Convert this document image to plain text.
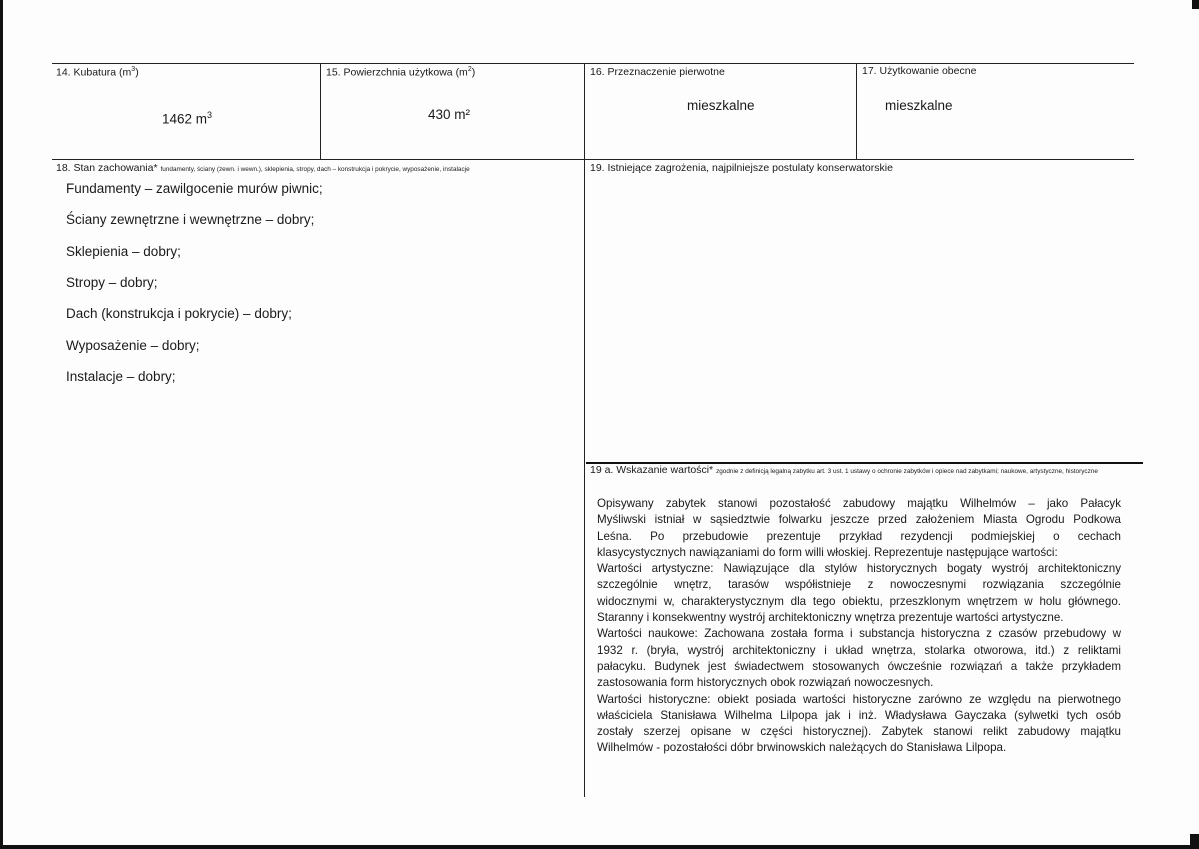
14. Kubatura $(m^3)$
1462 $m^3$
15. Powierzchnia użytkowa $(m^2)$
430 m²
16. Przeznaczenie pierwotne
mieszkalne
17. Użytkowanie obecne
mieszkalne
18. Stan zachowania* fundamenty, ściany (zewn. i wewn.), sklepienia, stropy, dach – konstrukcja i pokrycie, wyposażenie, instalacje
Fundamenty – zawilgocenie murów piwnic;
Ściany zewnętrzne i wewnętrzne – dobry;
Sklepienia – dobry;
Stropy – dobry;
Dach (konstrukcja i pokrycie) – dobry;
Wyposażenie – dobry;
Instalacje – dobry;
19. Istniejące zagrożenia, najpilniejsze postulaty konserwatorskie
19 a. Wskazanie wartości* zgodnie z definicją legalną zabytku art. 3 ust. 1 ustawy o ochronie zabytków i opiece nad zabytkami; naukowe, artystyczne, historyczne

Opisywany zabytek stanowi pozostałość zabudowy majątku Wilhelmów – jako Pałacyk

Myśliwski istniał w sąsiedztwie folwarku jeszcze przed założeniem Miasta Ogrodu Podkowa

Leśna. Po przebudowie prezentuje przykład rezydencji podmiejskiej o cechach

klasycystycznych nawiązaniami do form willi włoskiej. Reprezentuje następujące wartości:

Wartości artystyczne: Nawiązujące dla stylów historycznych bogaty wystrój architektoniczny

szczególnie wnętrz, tarasów współistnieje z nowoczesnymi rozwiązania szczególnie

widocznymi w, charakterystycznym dla tego obiektu, przeszklonym wnętrzem w holu głównego.

Staranny i konsekwentny wystrój architektoniczny wnętrza prezentuje wartości artystyczne.

Wartości naukowe: Zachowana została forma i substancja historyczna z czasów przebudowy w

1932 r. (bryła, wystrój architektoniczny i układ wnętrza, stolarka otworowa, itd.) z reliktami

pałacyku. Budynek jest świadectwem stosowanych ówcześnie rozwiązań a także przykładem

zastosowania form historycznych obok rozwiązań nowoczesnych.

Wartości historyczne: obiekt posiada wartości historyczne zarówno ze względu na pierwotnego

właściciela Stanisława Wilhelma Lilpopa jak i inż. Władysława Gayczaka (sylwetki tych osób

zostały szerzej opisane w części historycznej). Zabytek stanowi relikt zabudowy majątku

Wilhelmów - pozostałości dóbr brwinowskich należących do Stanisława Lilpopa.
